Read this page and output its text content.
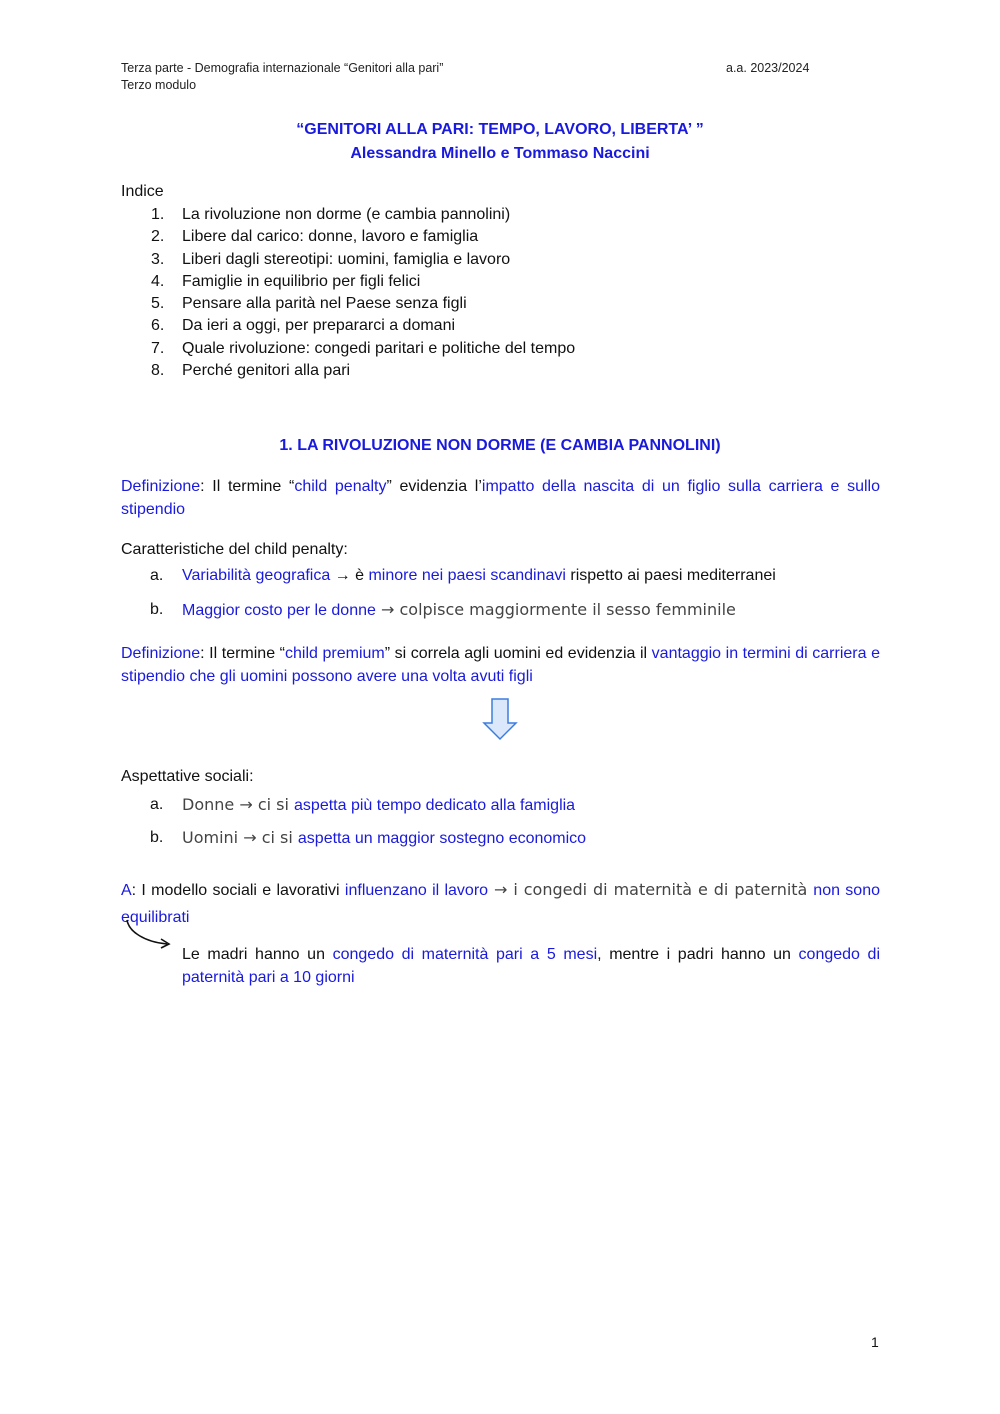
Terza parte - Demografia internazionale “Genitori alla pari”
Terzo modulo
a.a. 2023/2024
“GENITORI ALLA PARI: TEMPO, LAVORO, LIBERTA’ ”
Alessandra Minello e Tommaso Naccini
Indice
1.	La rivoluzione non dorme (e cambia pannolini)
2.	Libere dal carico: donne, lavoro e famiglia
3.	Liberi dagli stereotipi: uomini, famiglia e lavoro
4.	Famiglie in equilibrio per figli felici
5.	Pensare alla parità nel Paese senza figli
6.	Da ieri a oggi, per prepararci a domani
7.	Quale rivoluzione: congedi paritari e politiche del tempo
8.	Perché genitori alla pari
1. LA RIVOLUZIONE NON DORME (E CAMBIA PANNOLINI)
Definizione: Il termine “child penalty” evidenzia l’impatto della nascita di un figlio sulla carriera e sullo stipendio
Caratteristiche del child penalty:
a.	Variabilità geografica → è minore nei paesi scandinavi rispetto ai paesi mediterranei
b.	Maggior costo per le donne → colpisce maggiormente il sesso femminile
Definizione: Il termine “child premium” si correla agli uomini ed evidenzia il vantaggio in termini di carriera e stipendio che gli uomini possono avere una volta avuti figli
Aspettative sociali:
a.	Donne → ci si aspetta più tempo dedicato alla famiglia
b.	Uomini → ci si aspetta un maggior sostegno economico
A: I modello sociali e lavorativi influenzano il lavoro → i congedi di maternità e di paternità non sono equilibrati
Le madri hanno un congedo di maternità pari a 5 mesi, mentre i padri hanno un congedo di paternità pari a 10 giorni
1
